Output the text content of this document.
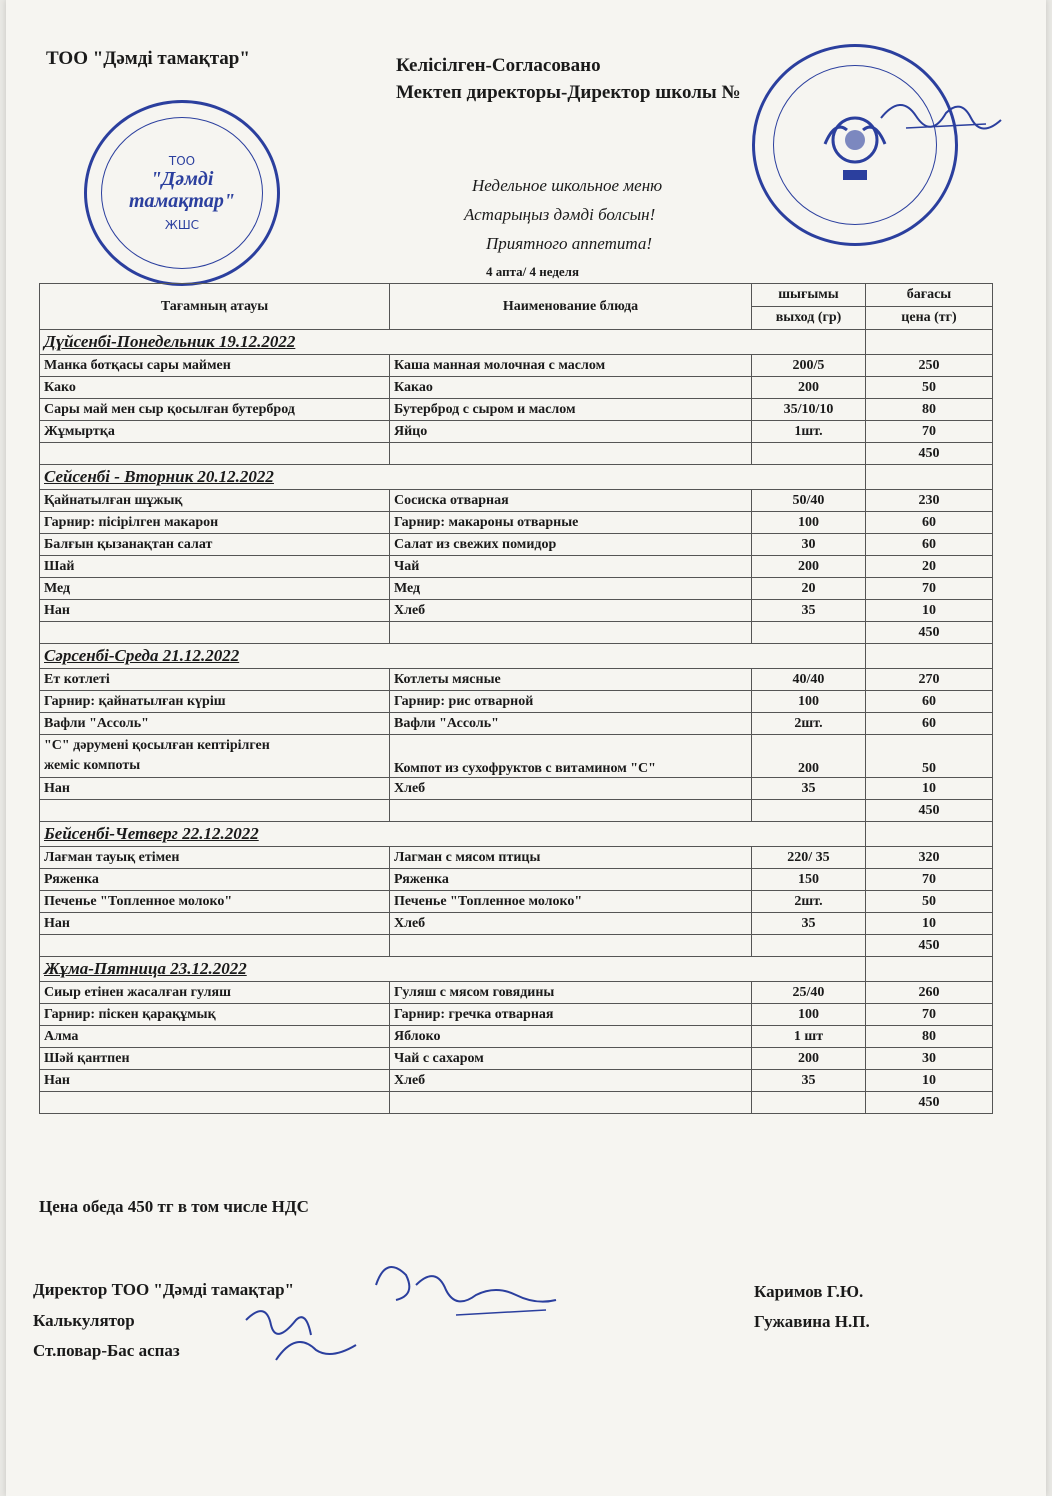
ТОО "Дәмді тамақтар"	Келісілген-Согласовано
Мектеп директоры-Директор школы №
ТОО
"Дәмді
тамақтар"
ЖШС
Недельное школьное меню
Астарыңыз дәмді болсын!
Приятного аппетита!
4 апта/ 4 неделя
Тағамның атауы	Наименование блюда	шығымы	бағасы
		выход (гр)	цена (тг)
Дүйсенбі-Понедельник 19.12.2022			
Манка ботқасы сары маймен	Каша манная молочная с маслом	200/5	250
Како	Какао	200	50
Сары май мен сыр қосылған бутерброд	Бутерброд с сыром и маслом	35/10/10	80
Жұмыртқа	Яйцо	1шт.	70
			450
Сейсенбі - Вторник 20.12.2022			
Қайнатылған шұжық	Сосиска отварная	50/40	230
Гарнир: пісірілген макарон	Гарнир: макароны отварные	100	60
Балғын қызанақтан салат	Салат из свежих помидор	30	60
Шай	Чай	200	20
Мед	Мед	20	70
Нан	Хлеб	35	10
			450
Сәрсенбі-Среда 21.12.2022			
Ет котлеті	Котлеты мясные	40/40	270
Гарнир: қайнатылған күріш	Гарнир: рис отварной	100	60
Вафли "Ассоль"	Вафли "Ассоль"	2шт.	60

"С" дәрумені қосылған кептірілген
жеміс компоты	Компот из сухофруктов с витамином "С"	200	50
Нан	Хлеб	35	10
			450
Бейсенбі-Четверг 22.12.2022			
Лағман тауық етімен	Лагман с мясом птицы	220/ 35	320
Ряженка	Ряженка	150	70
Печенье "Топленное молоко"	Печенье "Топленное молоко"	2шт.	50
Нан	Хлеб	35	10
			450
Жұма-Пятница 23.12.2022			
Сиыр етінен жасалған гуляш	Гуляш с мясом говядины	25/40	260
Гарнир: піскен қарақұмық	Гарнир: гречка отварная	100	70
Алма	Яблоко	1 шт	80
Шәй қантпен	Чай с сахаром	200	30
Нан	Хлеб	35	10
			450
Цена обеда 450 тг в том числе НДС
Директор ТОО "Дәмді тамақтар"
Калькулятор
Ст.повар-Бас аспаз
Каримов Г.Ю.
Гужавина Н.П.
